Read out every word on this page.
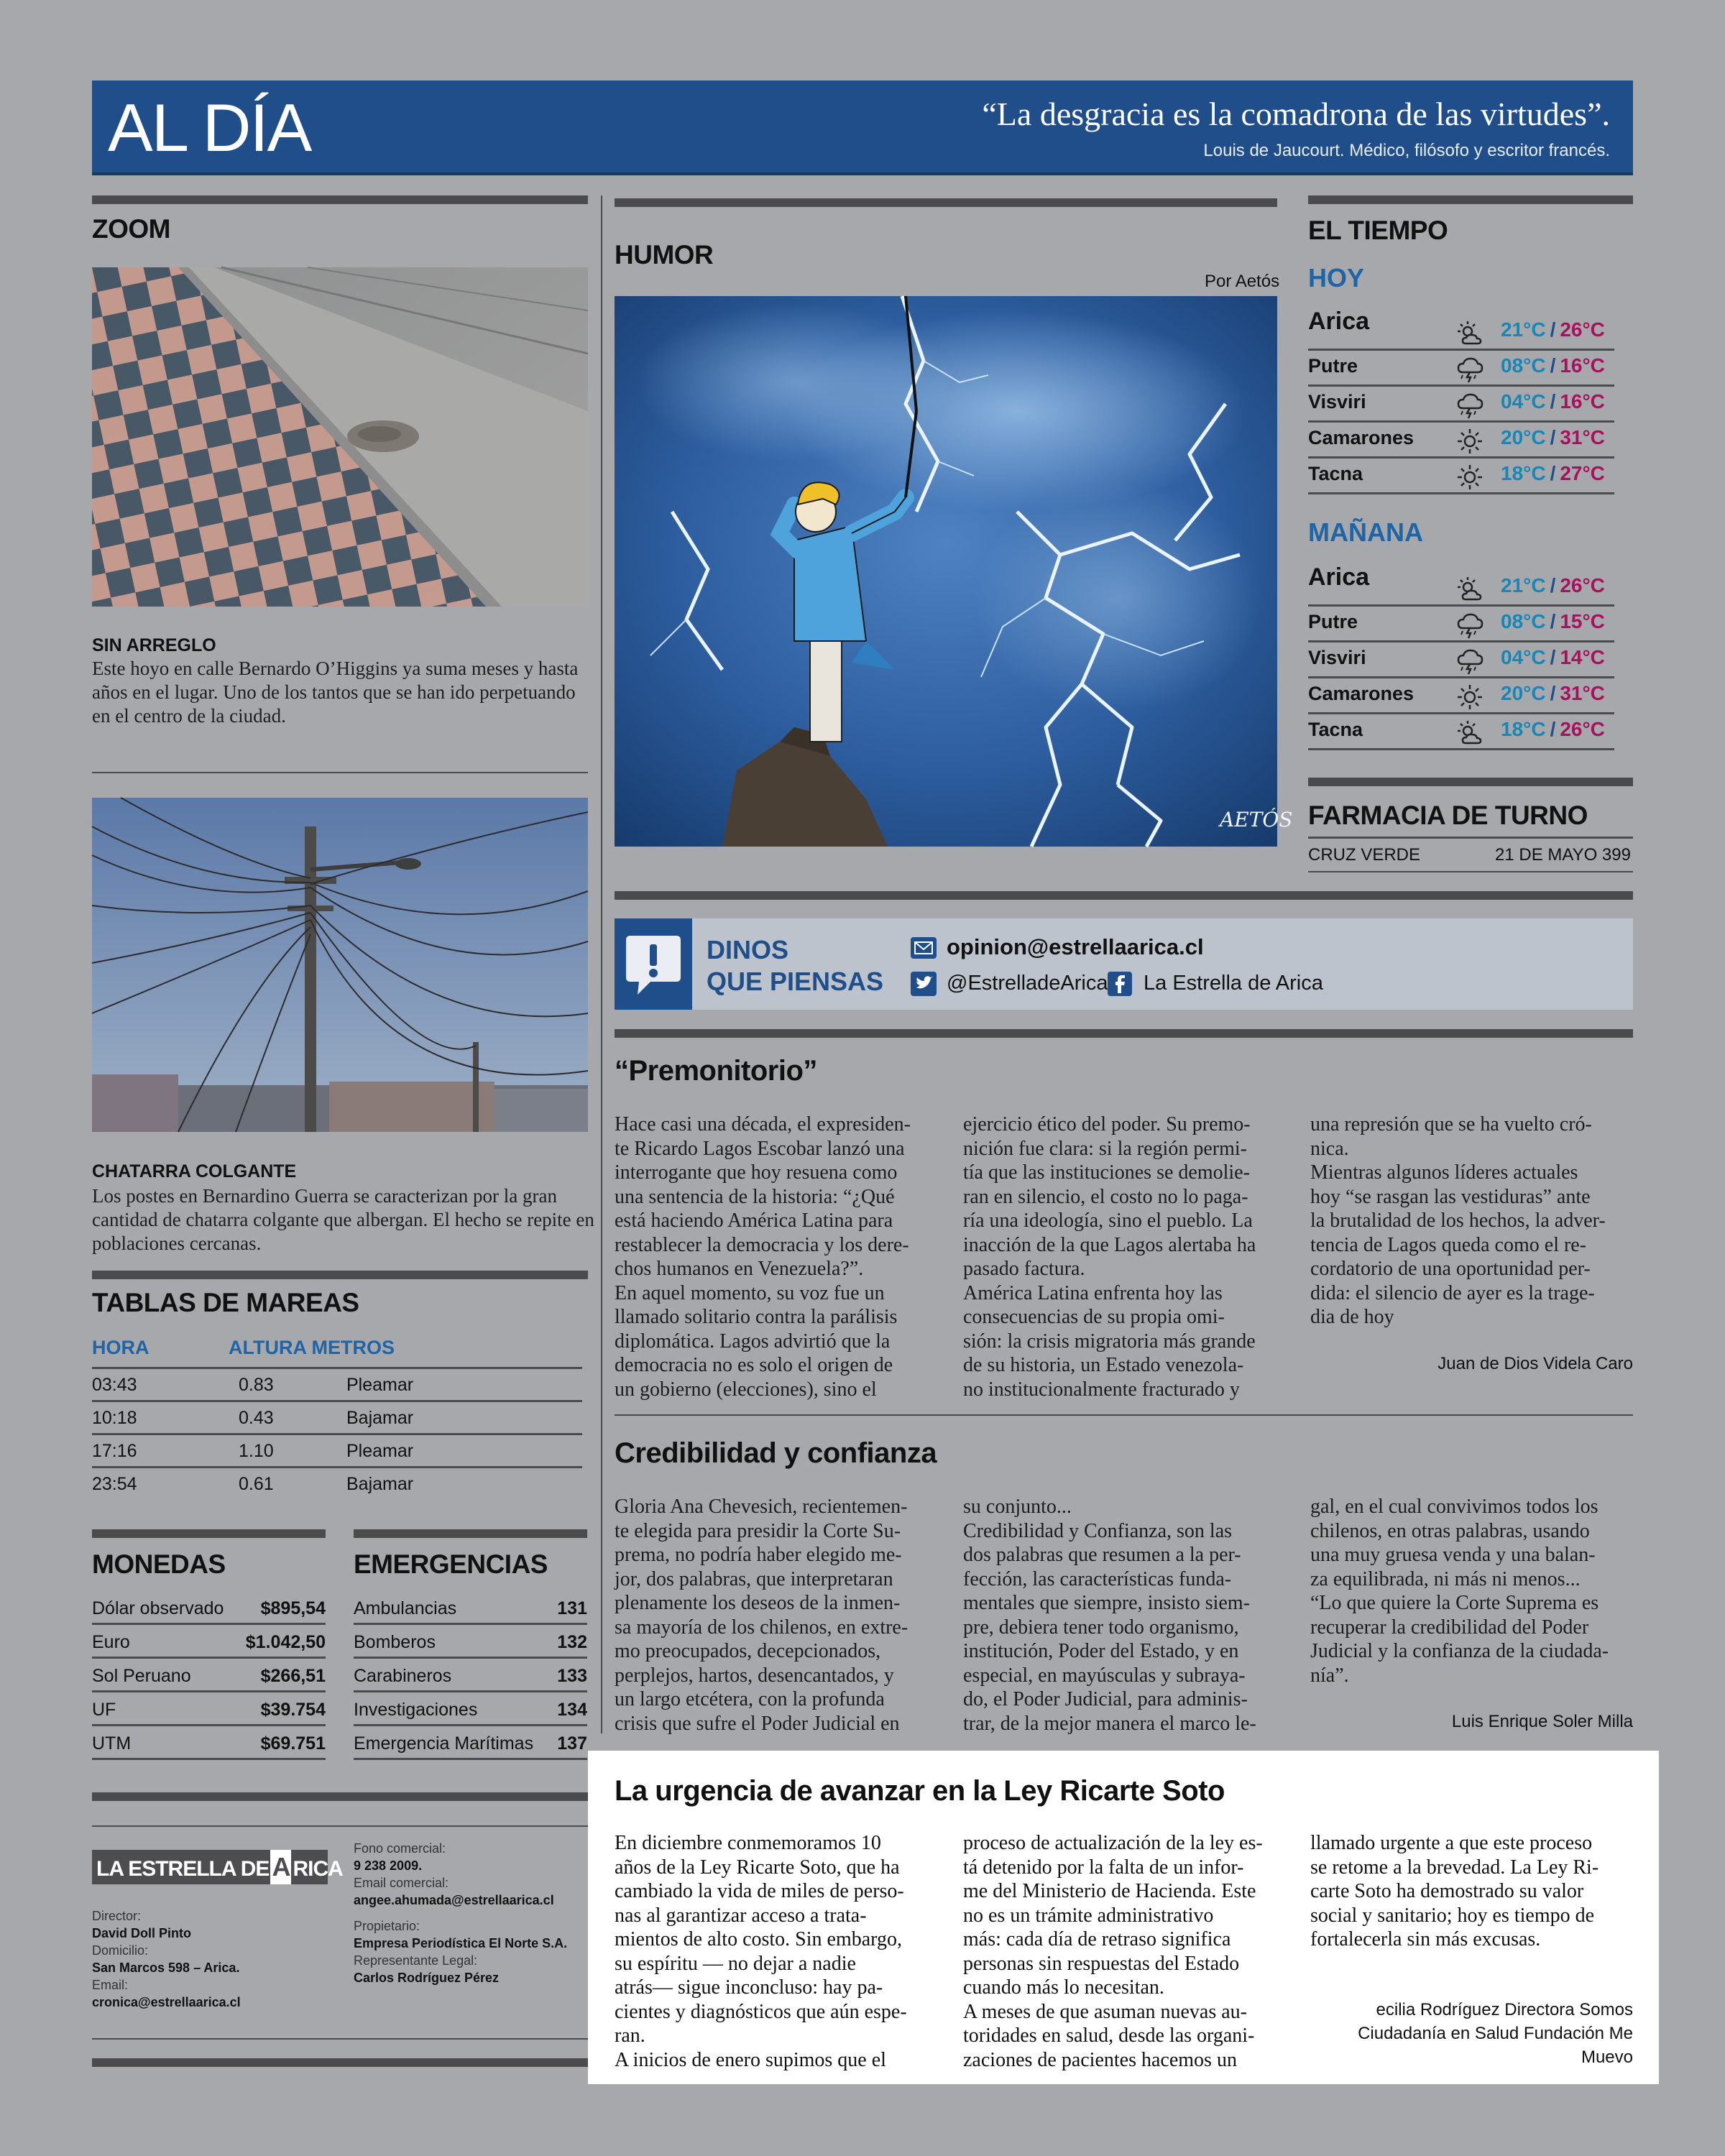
AL DÍA	“La desgracia es la comadrona de las virtudes”.
Louis de Jaucourt. Médico, filósofo y escritor francés.
ZOOM
SIN ARREGLO
Este hoyo en calle Bernardo O’Higgins ya suma meses y hasta años en el lugar. Uno de los tantos que se han ido perpetuando en el centro de la ciudad.
CHATARRA COLGANTE
Los postes en Bernardino Guerra se caracterizan por la gran cantidad de chatarra colgante que albergan. El hecho se repite en poblaciones cercanas.
TABLAS DE MAREAS
HORA	ALTURA METROS
03:43	0.83	Pleamar
10:18	0.43	Bajamar
17:16	1.10	Pleamar
23:54	0.61	Bajamar
MONEDAS
Dólar observado $895,54
Euro	$1.042,50
Sol Peruano	$266,51
UF	$39.754
UTM	$69.751
EMERGENCIAS
Ambulancias	131
Bomberos	132
Carabineros	133
Investigaciones	134
Emergencia Marítimas 137
LA ESTRELLA DE A RICA
Director:
David Doll Pinto
Domicilio:
San Marcos 598 – Arica.
Email:
cronica@estrellaarica.cl
Fono comercial:
9 238 2009.
Email comercial:
angee.ahumada@estrellaarica.cl
Propietario:
Empresa Periodística El Norte S.A.
Representante Legal:
Carlos Rodríguez Pérez
HUMOR
Por Aetós
AETÓS
EL TIEMPO
HOY
Arica	21°C / 26°C
Putre	08°C / 16°C
Visviri	04°C / 16°C
Camarones	20°C / 31°C
Tacna	18°C / 27°C
MAÑANA
Arica	21°C / 26°C
Putre	08°C / 15°C
Visviri	04°C / 14°C
Camarones	20°C / 31°C
Tacna	18°C / 26°C
FARMACIA DE TURNO
CRUZ VERDE	21 DE MAYO 399
DINOS
QUE PIENSAS
opinion@estrellaarica.cl
@EstrelladeArica La Estrella de Arica
“Premonitorio”
Hace casi una década, el expresiden-
te Ricardo Lagos Escobar lanzó una
interrogante que hoy resuena como
una sentencia de la historia: “¿Qué
está haciendo América Latina para
restablecer la democracia y los dere-
chos humanos en Venezuela?”.
En aquel momento, su voz fue un
llamado solitario contra la parálisis
diplomática. Lagos advirtió que la
democracia no es solo el origen de
un gobierno (elecciones), sino el
ejercicio ético del poder. Su premo-
nición fue clara: si la región permi-
tía que las instituciones se demolie-
ran en silencio, el costo no lo paga-
ría una ideología, sino el pueblo. La
inacción de la que Lagos alertaba ha
pasado factura.
América Latina enfrenta hoy las
consecuencias de su propia omi-
sión: la crisis migratoria más grande
de su historia, un Estado venezola-
no institucionalmente fracturado y
una represión que se ha vuelto cró-
nica.
Mientras algunos líderes actuales
hoy “se rasgan las vestiduras” ante
la brutalidad de los hechos, la adver-
tencia de Lagos queda como el re-
cordatorio de una oportunidad per-
dida: el silencio de ayer es la trage-
dia de hoy
Juan de Dios Videla Caro
Credibilidad y confianza
Gloria Ana Chevesich, recientemen-
te elegida para presidir la Corte Su-
prema, no podría haber elegido me-
jor, dos palabras, que interpretaran
plenamente los deseos de la inmen-
sa mayoría de los chilenos, en extre-
mo preocupados, decepcionados,
perplejos, hartos, desencantados, y
un largo etcétera, con la profunda
crisis que sufre el Poder Judicial en
su conjunto...
Credibilidad y Confianza, son las
dos palabras que resumen a la per-
fección, las características funda-
mentales que siempre, insisto siem-
pre, debiera tener todo organismo,
institución, Poder del Estado, y en
especial, en mayúsculas y subraya-
do, el Poder Judicial, para adminis-
trar, de la mejor manera el marco le-
gal, en el cual convivimos todos los
chilenos, en otras palabras, usando
una muy gruesa venda y una balan-
za equilibrada, ni más ni menos...
“Lo que quiere la Corte Suprema es
recuperar la credibilidad del Poder
Judicial y la confianza de la ciudada-
nía”.
Luis Enrique Soler Milla
La urgencia de avanzar en la Ley Ricarte Soto
En diciembre conmemoramos 10
años de la Ley Ricarte Soto, que ha
cambiado la vida de miles de perso-
nas al garantizar acceso a trata-
mientos de alto costo. Sin embargo,
su espíritu — no dejar a nadie
atrás— sigue inconcluso: hay pa-
cientes y diagnósticos que aún espe-
ran.
A inicios de enero supimos que el
proceso de actualización de la ley es-
tá detenido por la falta de un infor-
me del Ministerio de Hacienda. Este
no es un trámite administrativo
más: cada día de retraso significa
personas sin respuestas del Estado
cuando más lo necesitan.
A meses de que asuman nuevas au-
toridades en salud, desde las organi-
zaciones de pacientes hacemos un
llamado urgente a que este proceso
se retome a la brevedad. La Ley Ri-
carte Soto ha demostrado su valor
social y sanitario; hoy es tiempo de
fortalecerla sin más excusas.
ecilia Rodríguez Directora Somos
Ciudadanía en Salud Fundación Me
Muevo
